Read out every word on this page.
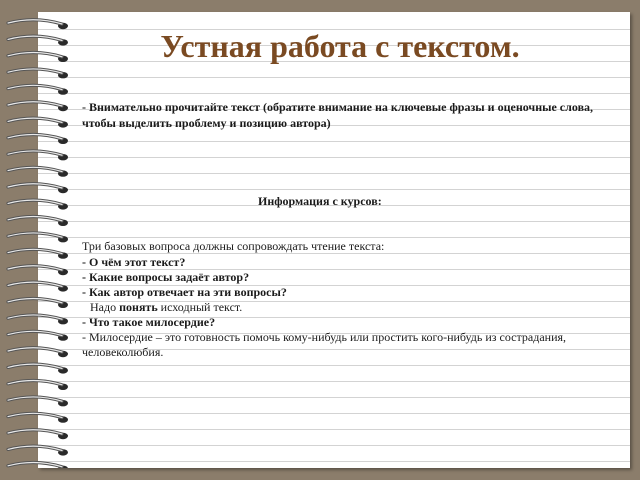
Устная работа с текстом.
- Внимательно прочитайте текст (обратите внимание на ключевые фразы и оценочные слова, чтобы выделить проблему и позицию автора)
Информация с курсов:
Три базовых вопроса должны сопровождать чтение текста:
- О чём этот текст?
- Какие вопросы задаёт автор?
- Как автор отвечает на эти вопросы?
Надо понять исходный текст.
- Что такое милосердие?
- Милосердие – это готовность помочь кому-нибудь или простить кого-нибудь из сострадания,
человеколюбия.
